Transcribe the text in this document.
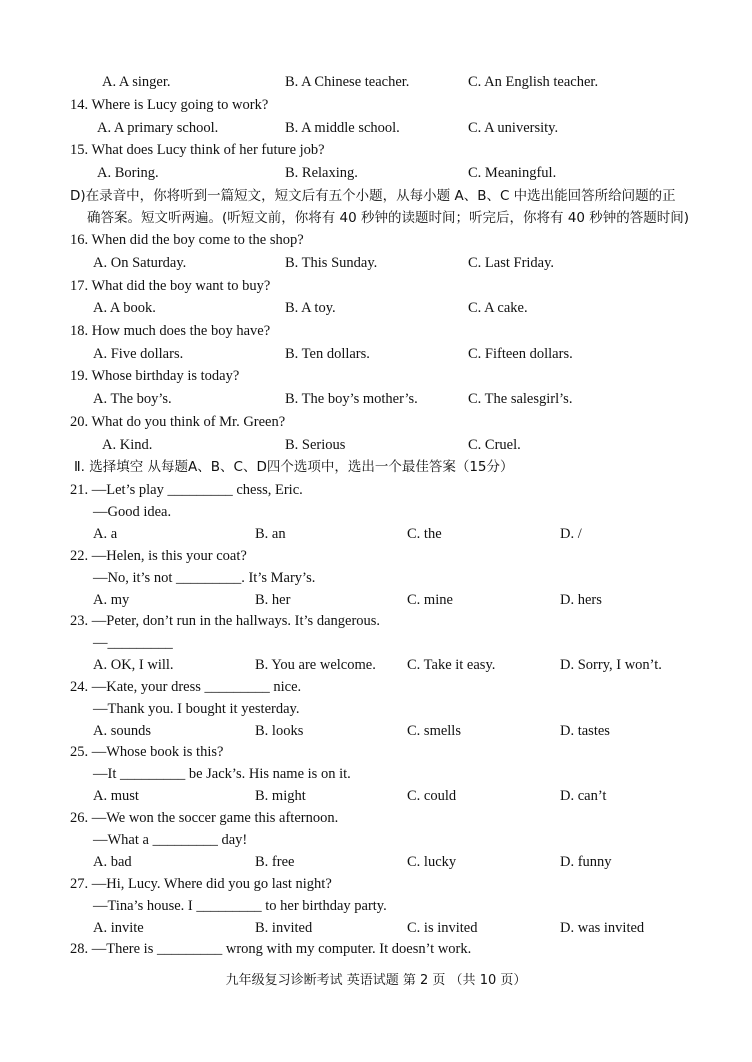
A. A singer.	B. A Chinese teacher.	C. An English teacher.
14. Where is Lucy going to work?
A. A primary school.	B. A middle school.	C. A university.
15. What does Lucy think of her future job?
A. Boring.	B. Relaxing.	C. Meaningful.
D)在录音中，你将听到一篇短文，短文后有五个小题，从每小题 A、B、C 中选出能回答所给问题的正
确答案。短文听两遍。(听短文前，你将有 40 秒钟的读题时间；听完后，你将有 40 秒钟的答题时间)
16. When did the boy come to the shop?
A. On Saturday.	B. This Sunday.	C. Last Friday.
17. What did the boy want to buy?
A. A book.	B. A toy.	C. A cake.
18. How much does the boy have?
A. Five dollars.	B. Ten dollars.	C. Fifteen dollars.
19. Whose birthday is today?
A. The boy’s.	B. The boy’s mother’s.	C. The salesgirl’s.
20. What do you think of Mr. Green?
A. Kind.	B. Serious	C. Cruel.
Ⅱ. 选择填空 从每题A、B、C、D四个选项中，选出一个最佳答案（15分）
21. —Let’s play _________ chess, Eric.
—Good idea.
A. a	B. an	C. the	D. /
22. —Helen, is this your coat?
—No, it’s not _________. It’s Mary’s.
A. my	B. her	C. mine	D. hers
23. —Peter, don’t run in the hallways. It’s dangerous.
—_________
A. OK, I will.	B. You are welcome. C. Take it easy.	D. Sorry, I won’t.
24. —Kate, your dress _________ nice.
—Thank you. I bought it yesterday.
A. sounds	B. looks	C. smells	D. tastes
25. —Whose book is this?
—It _________ be Jack’s. His name is on it.
A. must	B. might	C. could	D. can’t
26. —We won the soccer game this afternoon.
—What a _________ day!
A. bad	B. free	C. lucky	D. funny
27. —Hi, Lucy. Where did you go last night?
—Tina’s house. I _________ to her birthday party.
A. invite	B. invited	C. is invited	D. was invited
28. —There is _________ wrong with my computer. It doesn’t work.
九年级复习诊断考试 英语试题 第 2 页 （共 10 页）
